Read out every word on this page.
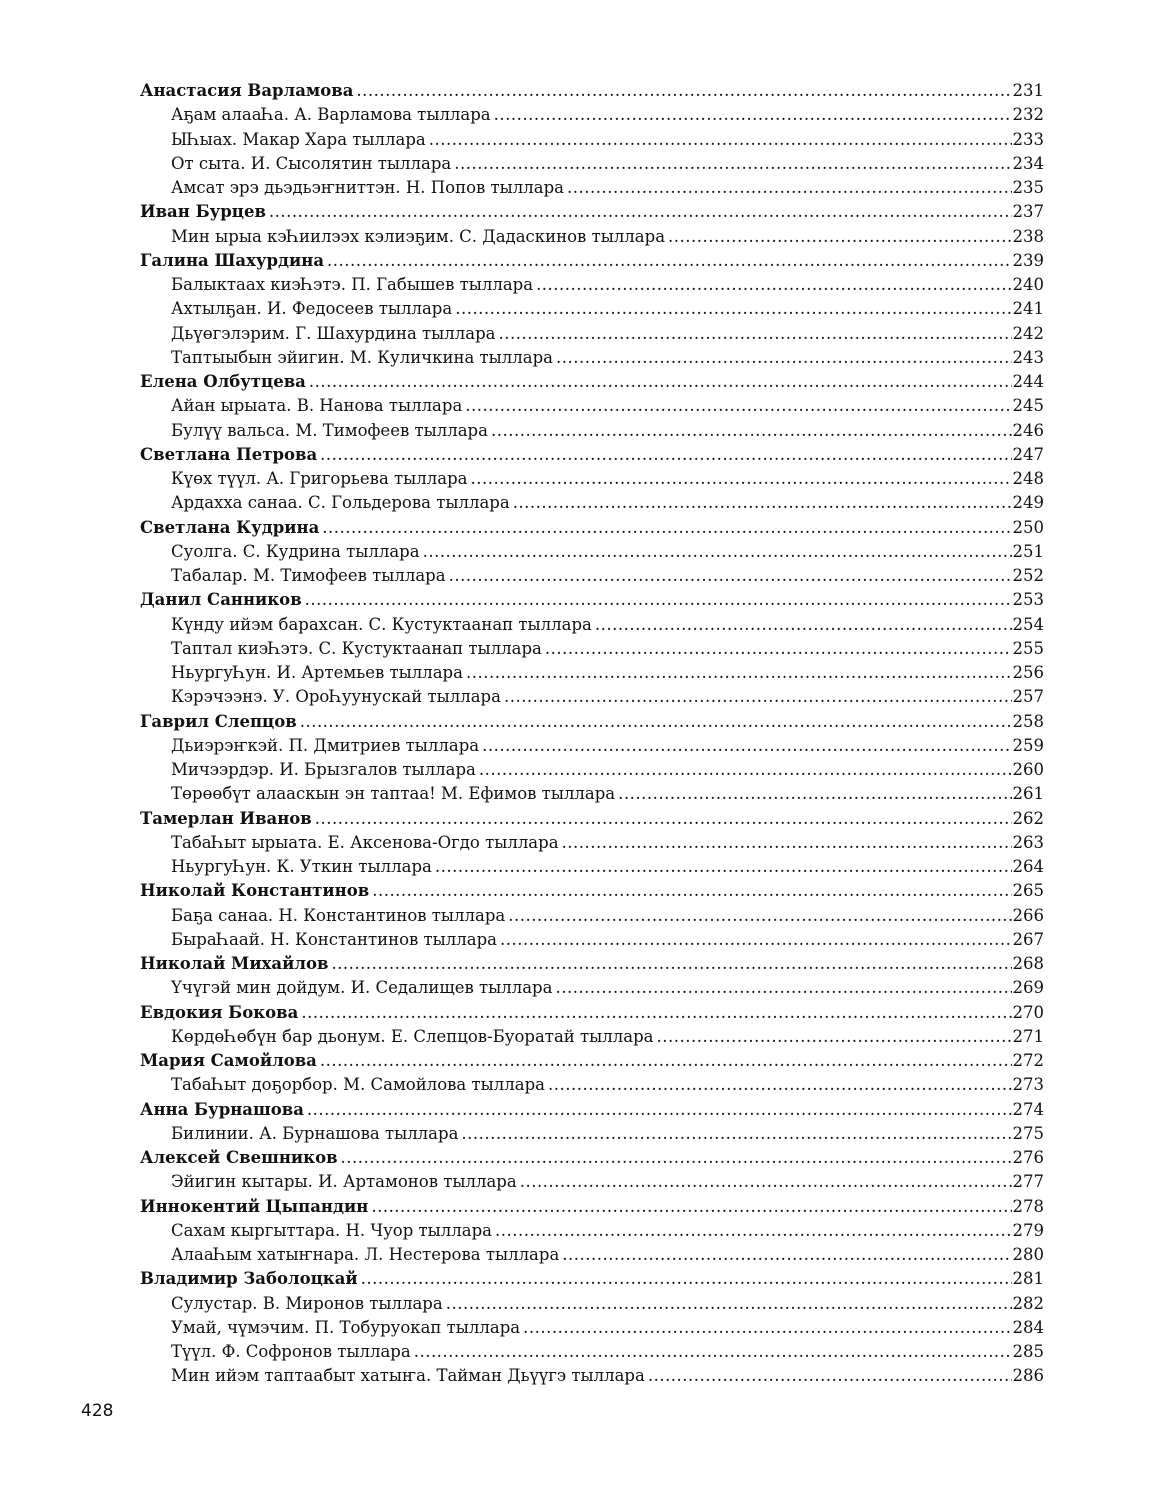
Анастасия Варламова .....	231
Аҕам алааҺа. А. Варламова тыллара .....	232
ЫҺыах. Макар Хара тыллара .....	233
От сыта. И. Сысолятин тыллара .....	234
Амсат эрэ дьэдьэҥниттэн. Н. Попов тыллара .....	235
Иван Бурцев .....	237
Мин ырыа кэҺиилээх кэлиэҕим. С. Дадаскинов тыллара .....	238
Галина Шахурдина .....	239
Балыктаах киэҺэтэ. П. Габышев тыллара .....	240
Ахтылҕан. И. Федосеев тыллара .....	241
Дьүөгэлэрим. Г. Шахурдина тыллара .....	242
Таптыыбын эйигин. М. Куличкина тыллара .....	243
Елена Олбутцева .....	244
Айан ырыата. В. Нанова тыллара .....	245
Булүү вальса. М. Тимофеев тыллара .....	246
Светлана Петрова .....	247
Күөх түүл. А. Григорьева тыллара .....	248
Ардахха санаа. С. Гольдерова тыллара .....	249
Светлана Кудрина .....	250
Суолга. С. Кудрина тыллара .....	251
Табалар. М. Тимофеев тыллара .....	252
Данил Санников .....	253
Күнду ийэм барахсан. С. Кустуктаанап тыллара .....	254
Таптал киэҺэтэ. С. Кустуктаанап тыллара .....	255
НьургуҺун. И. Артемьев тыллара .....	256
Кэрэчээнэ. У. ОроҺуунускай тыллара .....	257
Гаврил Слепцов .....	258
Дьиэрэҥкэй. П. Дмитриев тыллара .....	259
Мичээрдэр. И. Брызгалов тыллара .....	260
Төрөөбүт алааскын эн таптаа! М. Ефимов тыллара .....	261
Тамерлан Иванов .....	262
ТабаҺыт ырыата. Е. Аксенова-Огдо тыллара .....	263
НьургуҺун. К. Уткин тыллара .....	264
Николай Константинов .....	265
Баҕа санаа. Н. Константинов тыллара .....	266
БыраҺаай. Н. Константинов тыллара .....	267
Николай Михайлов .....	268
Үчүгэй мин дойдум. И. Седалищев тыллара .....	269
Евдокия Бокова .....	270
КөрдөҺөбүн бар дьонум. Е. Слепцов-Буоратай тыллара .....	271
Мария Самойлова .....	272
ТабаҺыт доҕорбор. М. Самойлова тыллара .....	273
Анна Бурнашова .....	274
Билинии. А. Бурнашова тыллара .....	275
Алексей Свешников .....	276
Эйигин кытары. И. Артамонов тыллара .....	277
Иннокентий Цыпандин .....	278
Сахам кыргыттара. Н. Чуор тыллара .....	279
АлааҺым хатыҥнара. Л. Нестерова тыллара .....	280
Владимир Заболоцкай .....	281
Сулустар. В. Миронов тыллара .....	282
Умай, чүмэчим. П. Тобуруокап тыллара .....	284
Түүл. Ф. Софронов тыллара .....	285
Мин ийэм таптаабыт хатыҥа. Тайман Дьүүгэ тыллара .....	286
428
